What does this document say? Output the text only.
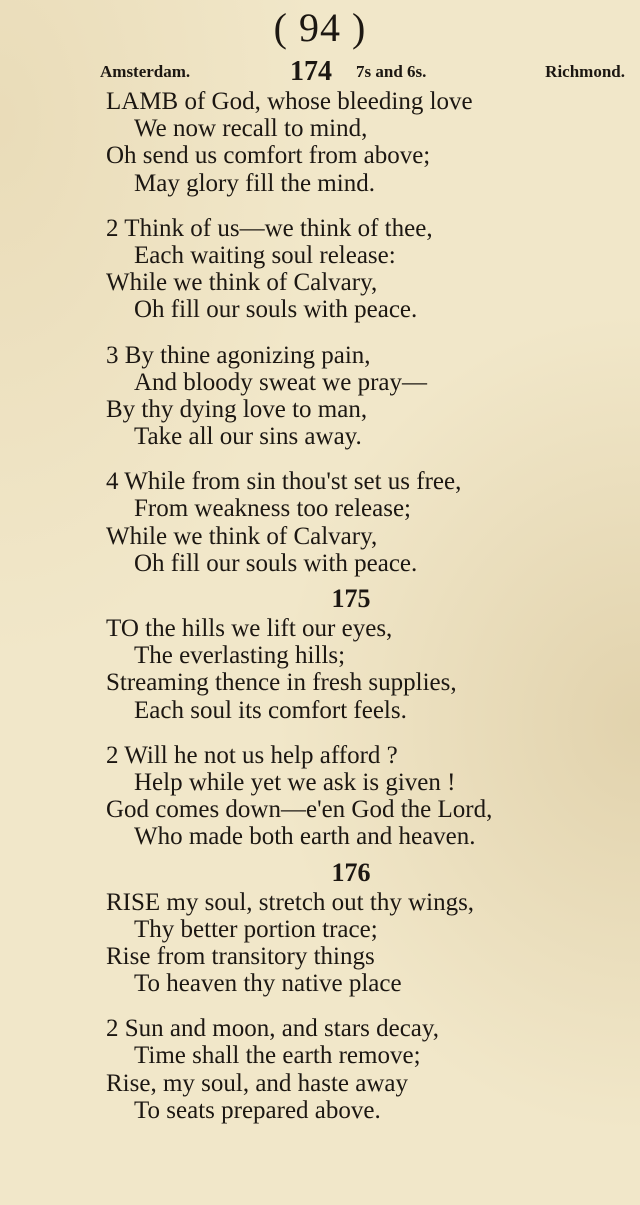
( 94 )
Amsterdam.	174 7s and 6s.	Richmond.
LAMB of God, whose bleeding love
We now recall to mind,
Oh send us comfort from above;
May glory fill the mind.
2 Think of us—we think of thee,
Each waiting soul release:
While we think of Calvary,
Oh fill our souls with peace.
3 By thine agonizing pain,
And bloody sweat we pray—
By thy dying love to man,
Take all our sins away.
4 While from sin thou'st set us free,
From weakness too release;
While we think of Calvary,
Oh fill our souls with peace.
175
TO the hills we lift our eyes,
The everlasting hills;
Streaming thence in fresh supplies,
Each soul its comfort feels.
2 Will he not us help afford ?
Help while yet we ask is given !
God comes down—e'en God the Lord,
Who made both earth and heaven.
176
RISE my soul, stretch out thy wings,
Thy better portion trace;
Rise from transitory things
To heaven thy native place
2 Sun and moon, and stars decay,
Time shall the earth remove;
Rise, my soul, and haste away
To seats prepared above.
